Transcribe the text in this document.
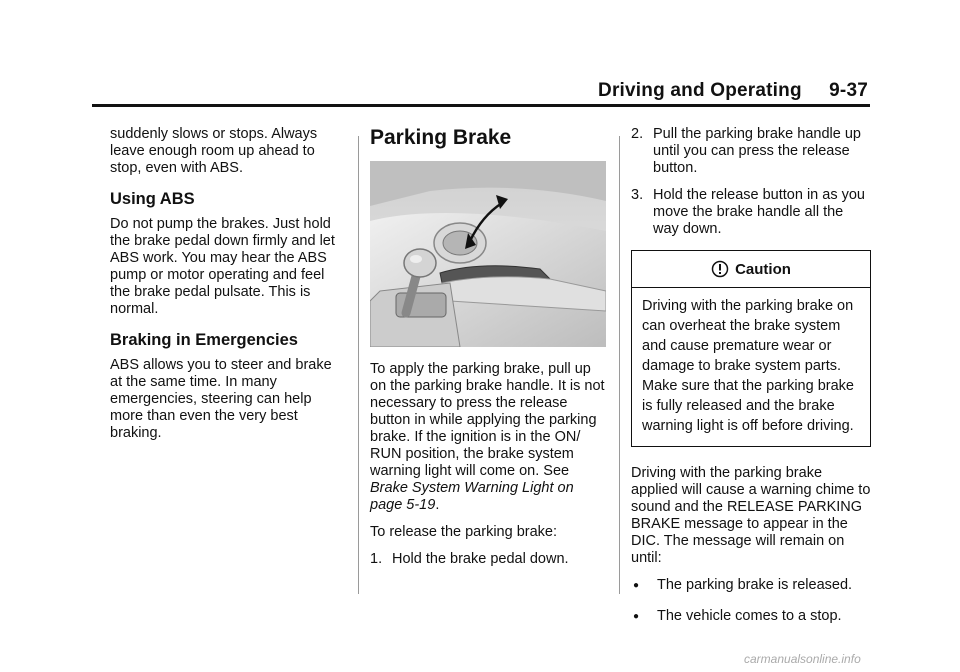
Driving and Operating     9-37

suddenly slows or stops. Always leave enough room up ahead to stop, even with ABS.

Using ABS

Do not pump the brakes. Just hold the brake pedal down firmly and let ABS work. You may hear the ABS pump or motor operating and feel the brake pedal pulsate. This is normal.

Braking in Emergencies

ABS allows you to steer and brake at the same time. In many emergencies, steering can help more than even the very best braking.

Parking Brake

To apply the parking brake, pull up on the parking brake handle. It is not necessary to press the release button in while applying the parking brake. If the ignition is in the ON/ RUN position, the brake system warning light will come on. See Brake System Warning Light on page 5-19.

To release the parking brake:

1. Hold the brake pedal down.
2. Pull the parking brake handle up until you can press the release button.
3. Hold the release button in as you move the brake handle all the way down.
Caution
Driving with the parking brake on can overheat the brake system and cause premature wear or damage to brake system parts. Make sure that the parking brake is fully released and the brake warning light is off before driving.

Driving with the parking brake applied will cause a warning chime to sound and the RELEASE PARKING BRAKE message to appear in the DIC. The message will remain on until:

●	The parking brake is released.
●	The vehicle comes to a stop.
carmanualsonline.info
